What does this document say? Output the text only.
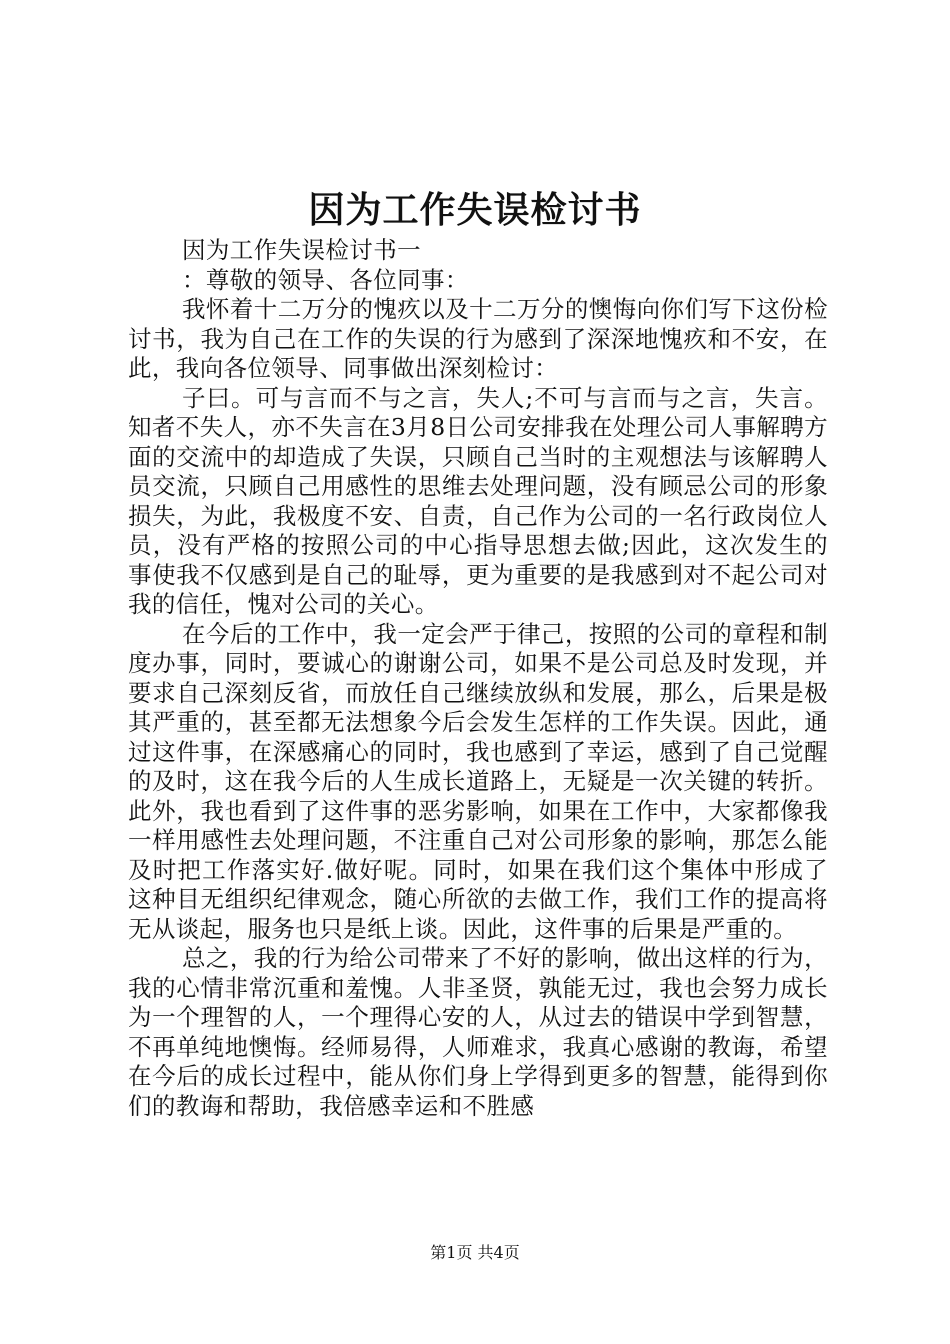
因为工作失误检讨书

因为工作失误检讨书一

：尊敬的领导、各位同事：

我怀着十二万分的愧疚以及十二万分的懊悔向你们写下这份检讨书，我为自己在工作的失误的行为感到了深深地愧疚和不安，在此，我向各位领导、同事做出深刻检讨：

子曰。可与言而不与之言，失人;不可与言而与之言，失言。知者不失人，亦不失言在3月8日公司安排我在处理公司人事解聘方面的交流中的却造成了失误，只顾自己当时的主观想法与该解聘人员交流，只顾自己用感性的思维去处理问题，没有顾忌公司的形象损失，为此，我极度不安、自责，自己作为公司的一名行政岗位人员，没有严格的按照公司的中心指导思想去做;因此，这次发生的事使我不仅感到是自己的耻辱，更为重要的是我感到对不起公司对我的信任，愧对公司的关心。

在今后的工作中，我一定会严于律己，按照的公司的章程和制度办事，同时，要诚心的谢谢公司，如果不是公司总及时发现，并要求自己深刻反省，而放任自己继续放纵和发展，那么，后果是极其严重的，甚至都无法想象今后会发生怎样的工作失误。因此，通过这件事，在深感痛心的同时，我也感到了幸运，感到了自己觉醒的及时，这在我今后的人生成长道路上，无疑是一次关键的转折。此外，我也看到了这件事的恶劣影响，如果在工作中，大家都像我一样用感性去处理问题，不注重自己对公司形象的影响，那怎么能及时把工作落实好.做好呢。同时，如果在我们这个集体中形成了这种目无组织纪律观念，随心所欲的去做工作，我们工作的提高将无从谈起，服务也只是纸上谈。因此，这件事的后果是严重的。

总之，我的行为给公司带来了不好的影响，做出这样的行为，我的心情非常沉重和羞愧。人非圣贤，孰能无过，我也会努力成长为一个理智的人，一个理得心安的人，从过去的错误中学到智慧，不再单纯地懊悔。经师易得，人师难求，我真心感谢的教诲，希望在今后的成长过程中，能从你们身上学得到更多的智慧，能得到你们的教诲和帮助，我倍感幸运和不胜感

第1页 共4页
